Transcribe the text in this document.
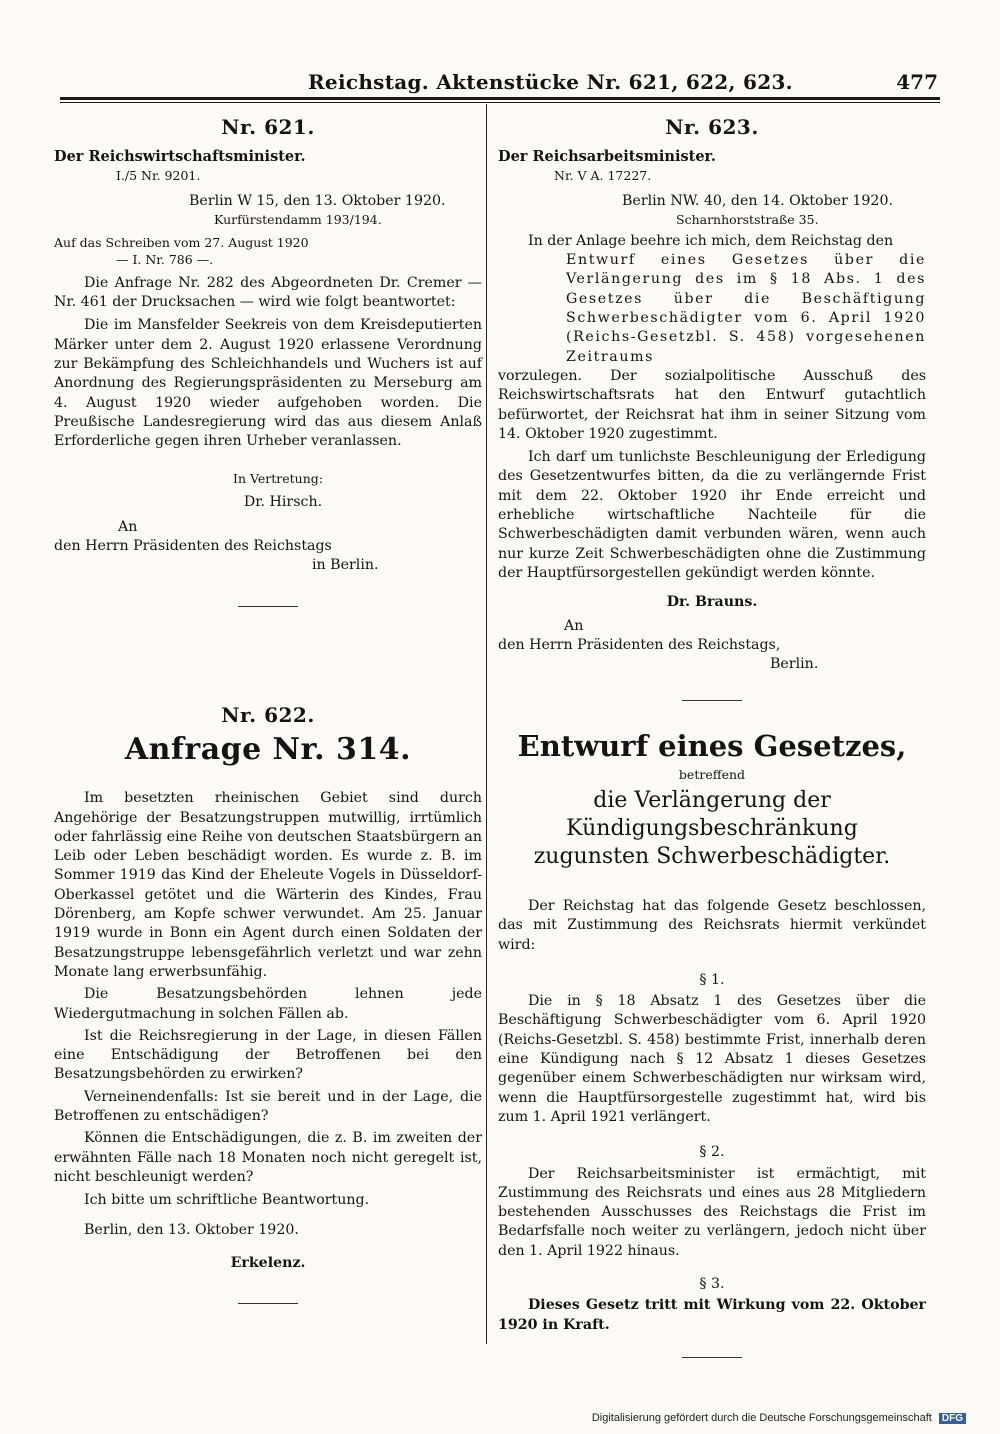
Reichstag. Aktenstücke Nr. 621, 622, 623.	477

Nr. 621.

Der Reichswirtschaftsminister.

I./5 Nr. 9201.

Berlin W 15, den 13. Oktober 1920.

Kurfürstendamm 193/194.

Auf das Schreiben vom 27. August 1920

— I. Nr. 786 —.

Die Anfrage Nr. 282 des Abgeordneten Dr. Cremer — Nr. 461 der Drucksachen — wird wie folgt beantwortet:

Die im Mansfelder Seekreis von dem Kreisdeputierten Märker unter dem 2. August 1920 erlassene Verordnung zur Bekämpfung des Schleichhandels und Wuchers ist auf Anordnung des Regierungspräsidenten zu Merseburg am 4. August 1920 wieder aufgehoben worden. Die Preußische Landesregierung wird das aus diesem Anlaß Erforderliche gegen ihren Urheber veranlassen.

In Vertretung:

Dr. Hirsch.

An

den Herrn Präsidenten des Reichstags

in Berlin.

Nr. 622.

Anfrage Nr. 314.

Im besetzten rheinischen Gebiet sind durch Angehörige der Besatzungstruppen mutwillig, irrtümlich oder fahrlässig eine Reihe von deutschen Staatsbürgern an Leib oder Leben beschädigt worden. Es wurde z. B. im Sommer 1919 das Kind der Eheleute Vogels in Düsseldorf-Oberkassel getötet und die Wärterin des Kindes, Frau Dörenberg, am Kopfe schwer verwundet. Am 25. Januar 1919 wurde in Bonn ein Agent durch einen Soldaten der Besatzungstruppe lebensgefährlich verletzt und war zehn Monate lang erwerbsunfähig.

Die Besatzungsbehörden lehnen jede Wiedergutmachung in solchen Fällen ab.

Ist die Reichsregierung in der Lage, in diesen Fällen eine Entschädigung der Betroffenen bei den Besatzungsbehörden zu erwirken?

Verneinendenfalls: Ist sie bereit und in der Lage, die Betroffenen zu entschädigen?

Können die Entschädigungen, die z. B. im zweiten der erwähnten Fälle nach 18 Monaten noch nicht geregelt ist, nicht beschleunigt werden?

Ich bitte um schriftliche Beantwortung.

Berlin, den 13. Oktober 1920.

Erkelenz.

Nr. 623.

Der Reichsarbeitsminister.

Nr. V A. 17227.

Berlin NW. 40, den 14. Oktober 1920.

Scharnhorststraße 35.

In der Anlage beehre ich mich, dem Reichstag den

Entwurf eines Gesetzes über die Verlängerung des im § 18 Abs. 1 des Gesetzes über die Beschäftigung Schwerbeschädigter vom 6. April 1920 (Reichs-Gesetzbl. S. 458) vorgesehenen Zeitraums

vorzulegen. Der sozialpolitische Ausschuß des Reichswirtschaftsrats hat den Entwurf gutachtlich befürwortet, der Reichsrat hat ihm in seiner Sitzung vom 14. Oktober 1920 zugestimmt.

Ich darf um tunlichste Beschleunigung der Erledigung des Gesetzentwurfes bitten, da die zu verlängernde Frist mit dem 22. Oktober 1920 ihr Ende erreicht und erhebliche wirtschaftliche Nachteile für die Schwerbeschädigten damit verbunden wären, wenn auch nur kurze Zeit Schwerbeschädigten ohne die Zustimmung der Hauptfürsorgestellen gekündigt werden könnte.

Dr. Brauns.

An

den Herrn Präsidenten des Reichstags,

Berlin.

Entwurf eines Gesetzes,

betreffend

die Verlängerung der Kündigungsbeschränkung

zugunsten Schwerbeschädigter.

Der Reichstag hat das folgende Gesetz beschlossen, das mit Zustimmung des Reichsrats hiermit verkündet wird:

§ 1.

Die in § 18 Absatz 1 des Gesetzes über die Beschäftigung Schwerbeschädigter vom 6. April 1920 (Reichs-Gesetzbl. S. 458) bestimmte Frist, innerhalb deren eine Kündigung nach § 12 Absatz 1 dieses Gesetzes gegenüber einem Schwerbeschädigten nur wirksam wird, wenn die Hauptfürsorgestelle zugestimmt hat, wird bis zum 1. April 1921 verlängert.

§ 2.

Der Reichsarbeitsminister ist ermächtigt, mit Zustimmung des Reichsrats und eines aus 28 Mitgliedern bestehenden Ausschusses des Reichstags die Frist im Bedarfsfalle noch weiter zu verlängern, jedoch nicht über den 1. April 1922 hinaus.

§ 3.

Dieses Gesetz tritt mit Wirkung vom 22. Oktober 1920 in Kraft.

Digitalisierung gefördert durch die Deutsche Forschungsgemeinschaft DFG
